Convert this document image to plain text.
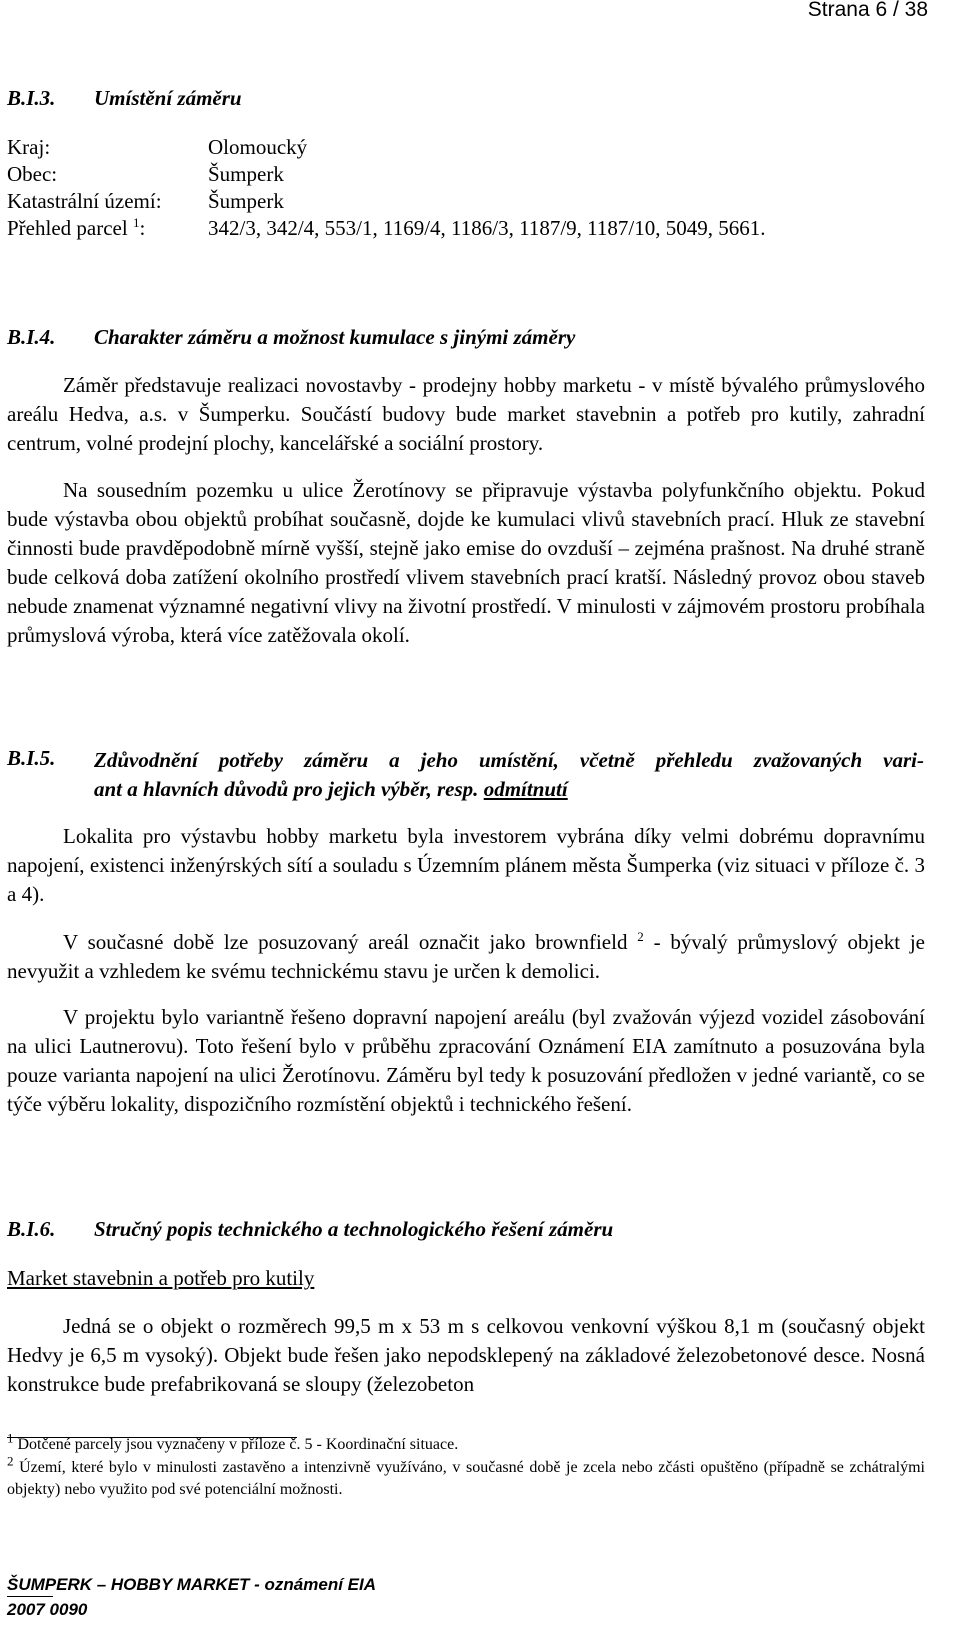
Strana 6 / 38
B.I.3. Umístění záměru
Kraj:	Olomoucký
Obec:	Šumperk
Katastrální území: Šumperk
Přehled parcel $^1$:	342/3, 342/4, 553/1, 1169/4, 1186/3, 1187/9, 1187/10, 5049, 5661.
B.I.4. Charakter záměru a možnost kumulace s jinými záměry
Záměr představuje realizaci novostavby - prodejny hobby marketu - v místě bývalého průmyslového areálu Hedva, a.s. v Šumperku. Součástí budovy bude market stavebnin a potřeb pro kutily, zahradní centrum, volné prodejní plochy, kancelářské a sociální prostory.
Na sousedním pozemku u ulice Žerotínovy se připravuje výstavba polyfunkčního objektu. Pokud bude výstavba obou objektů probíhat současně, dojde ke kumulaci vlivů stavebních prací. Hluk ze stavební činnosti bude pravděpodobně mírně vyšší, stejně jako emise do ovzduší – zejména prašnost. Na druhé straně bude celková doba zatížení okolního prostředí vlivem stavebních prací kratší. Následný provoz obou staveb nebude znamenat významné negativní vlivy na životní prostředí. V minulosti v zájmovém prostoru probíhala průmyslová výroba, která více zatěžovala okolí.
B.I.5. Zdůvodnění potřeby záměru a jeho umístění, včetně přehledu zvažovaných vari-
ant a hlavních důvodů pro jejich výběr, resp. odmítnutí
Lokalita pro výstavbu hobby marketu byla investorem vybrána díky velmi dobrému dopravnímu napojení, existenci inženýrských sítí a souladu s Územním plánem města Šumperka (viz situaci v příloze č. 3 a 4).
V současné době lze posuzovaný areál označit jako brownfield $^2$ - bývalý průmyslový objekt je nevyužit a vzhledem ke svému technickému stavu je určen k demolici.
V projektu bylo variantně řešeno dopravní napojení areálu (byl zvažován výjezd vozidel zásobování na ulici Lautnerovu). Toto řešení bylo v průběhu zpracování Oznámení EIA zamítnuto a posuzována byla pouze varianta napojení na ulici Žerotínovu. Záměru byl tedy k posuzování předložen v jedné variantě, co se týče výběru lokality, dispozičního rozmístění objektů i technického řešení.
B.I.6. Stručný popis technického a technologického řešení záměru
Market stavebnin a potřeb pro kutily
Jedná se o objekt o rozměrech 99,5 m x 53 m s celkovou venkovní výškou 8,1 m (současný objekt Hedvy je 6,5 m vysoký). Objekt bude řešen jako nepodsklepený na základové železobetonové desce. Nosná konstrukce bude prefabrikovaná se sloupy (železobeton
$^1$ Dotčené parcely jsou vyznačeny v příloze č. 5 - Koordinační situace.
$^2$ Území, které bylo v minulosti zastavěno a intenzivně využíváno, v současné době je zcela nebo zčásti opuštěno (případně se zchátralými objekty) nebo využito pod své potenciální možnosti.
ŠUMPERK – HOBBY MARKET - oznámení EIA
2007 0090
